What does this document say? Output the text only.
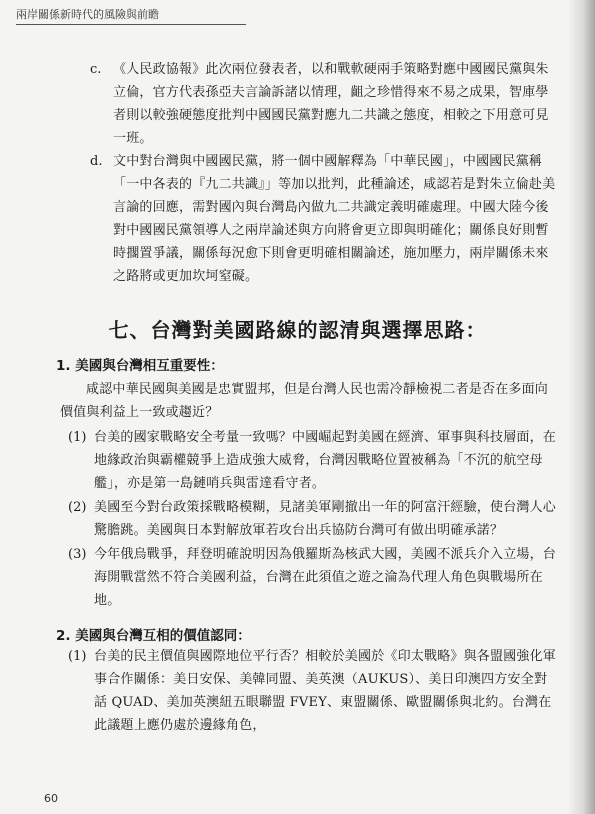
兩岸關係新時代的風險與前瞻
c. 《人民政協報》此次兩位發表者，以和戰軟硬兩手策略對應中國國民黨與朱立倫，官方代表孫亞夫言論訴諸以情理，齟之珍惜得來不易之成果，智庫學者則以較強硬態度批判中國國民黨對應九二共識之態度，相較之下用意可見一班。
d. 文中對台灣與中國國民黨，將一個中國解釋為「中華民國」，中國國民黨稱「一中各表的『九二共識』」等加以批判，此種論述，咸認若是對朱立倫赴美言論的回應，需對國內與台灣島內做九二共識定義明確處理。中國大陸今後對中國國民黨領導人之兩岸論述與方向將會更立即與明確化；關係良好則暫時擱置爭議，關係每況愈下則會更明確相關論述，施加壓力，兩岸關係未來之路將或更加坎坷窒礙。
七、台灣對美國路線的認清與選擇思路：
1. 美國與台灣相互重要性：
咸認中華民國與美國是忠實盟邦，但是台灣人民也需冷靜檢視二者是否在多面向價值與利益上一致或趨近？
(1) 台美的國家戰略安全考量一致嗎？中國崛起對美國在經濟、軍事與科技層面，在地緣政治與霸權競爭上造成強大威脅，台灣因戰略位置被稱為「不沉的航空母艦」，亦是第一島鏈哨兵與雷達看守者。
(2) 美國至今對台政策採戰略模糊，見諸美軍剛撤出一年的阿富汗經驗，使台灣人心驚膽跳。美國與日本對解放軍若攻台出兵協防台灣可有做出明確承諾？
(3) 今年俄烏戰爭，拜登明確說明因為俄羅斯為核武大國，美國不派兵介入立場，台海開戰當然不符合美國利益，台灣在此須值之遊之淪為代理人角色與戰場所在地。
2. 美國與台灣互相的價值認同：
(1) 台美的民主價值與國際地位平行否？相較於美國於《印太戰略》與各盟國強化軍事合作關係：美日安保、美韓同盟、美英澳（AUKUS）、美日印澳四方安全對話 QUAD、美加英澳紐五眼聯盟 FVEY、東盟關係、歐盟關係與北約。台灣在此議題上應仍處於邊緣角色，
60
